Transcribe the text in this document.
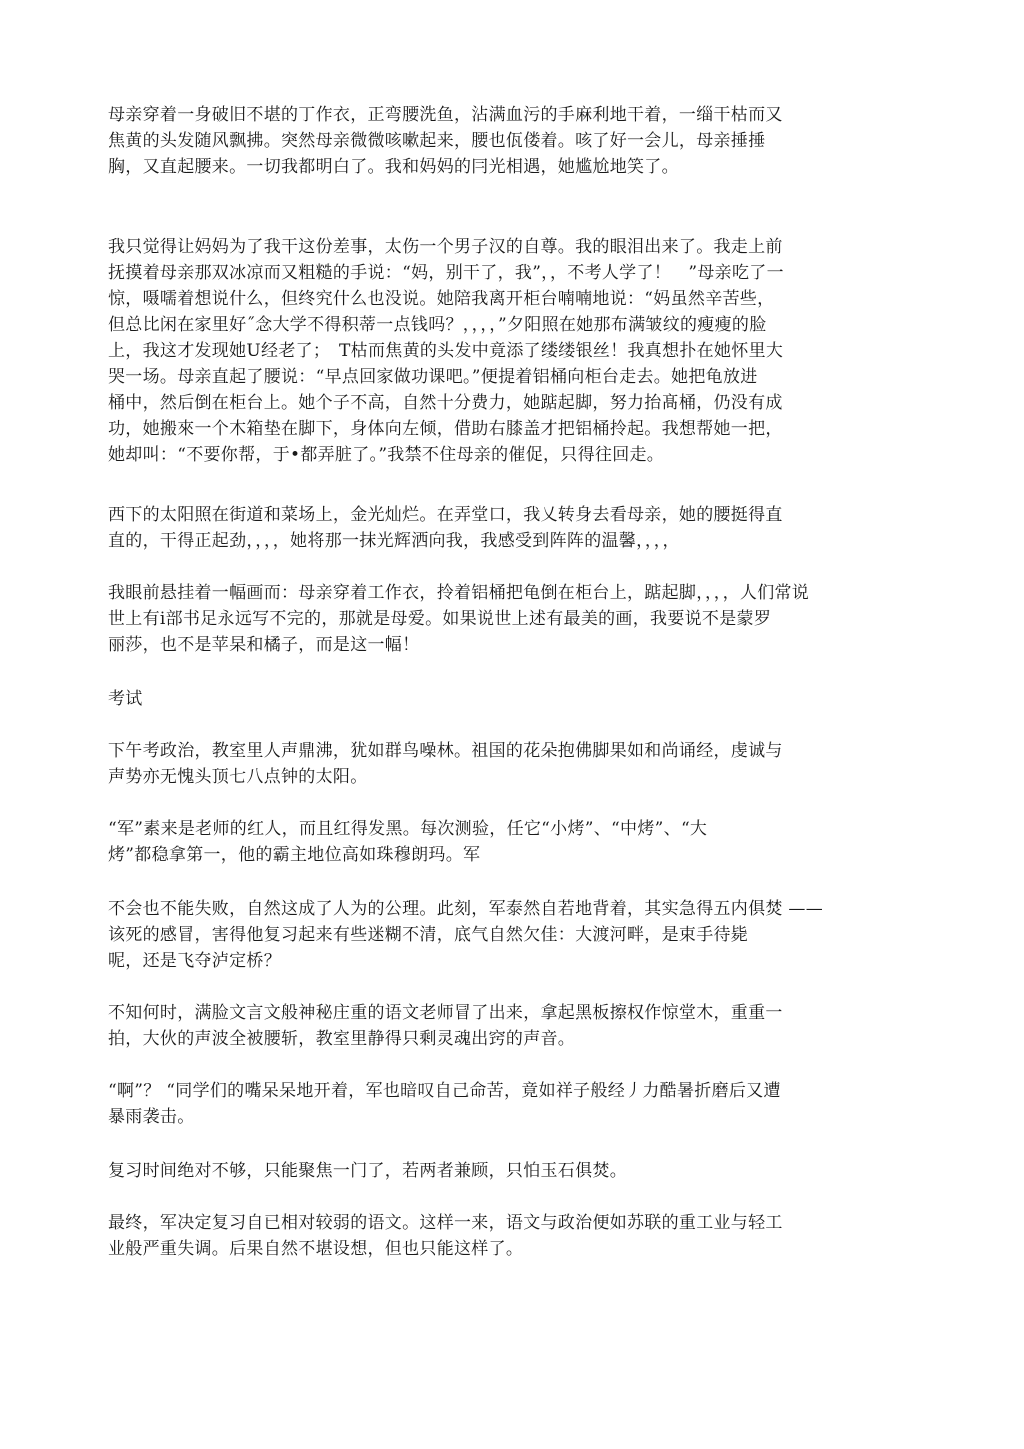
母亲穿着一身破旧不堪的丁作衣，正弯腰洗鱼，沾满血污的手麻利地干着，一缁干枯而又
焦黄的头发随风飘拂。突然母亲微微咳嗽起来，腰也佤偻着。咳了好一会儿，母亲捶捶
胸，又直起腰来。一切我都明白了。我和妈妈的冃光相遇，她尴尬地笑了。
我只觉得让妈妈为了我干这份差事，太伤一个男子汉的自尊。我的眼泪出来了。我走上前
抚摸着母亲那双冰凉而又粗糙的手说：“妈，别干了，我”，，不考人学了！　”母亲吃了一
惊，嗫嚅着想说什么，但终究什么也没说。她陪我离开柜台喃喃地说：“妈虽然辛苦些，
但总比闲在家里好˝念大学不得积蒂一点钱吗？，，，，”夕阳照在她那布满皱纹的瘦瘦的脸
上，我这才发现她U经老了；　T枯而焦黄的头发中竟添了缕缕银丝！我真想扑在她怀里大
哭一场。母亲直起了腰说：“早点回家做功课吧。”便提着铝桶向柜台走去。她把龟放进
桶中，然后倒在柜台上。她个子不高，自然十分费力，她踮起脚，努力抬髙桶，仍没有成
功，她搬來一个木箱垫在脚下，身体向左倾，借助右膝盖才把铝桶拎起。我想帮她一把，
她却叫：“不要你帮，于•都弄脏了。”我禁不住母亲的催促，只得往回走。
西下的太阳照在街道和菜场上，金光灿烂。在弄堂口，我乂转身去看母亲，她的腰挺得直
直的，干得正起劲，，，，她将那一抹光辉洒向我，我感受到阵阵的温馨，，，，
我眼前悬挂着一幅画而：母亲穿着工作衣，拎着铝桶把龟倒在柜台上，踮起脚，，，，人们常说
世上有i部书足永远写不完的，那就是母爱。如果说世上述有最美的画，我要说不是蒙罗
丽莎，也不是苹杲和橘子，而是这一幅！
考试
下午考政治，教室里人声鼎沸，犹如群鸟噪林。祖国的花朵抱佛脚果如和尚诵经，虔诚与
声势亦无愧头顶七八点钟的太阳。
“军”素来是老师的红人，而且红得发黑。每次测验，任它“小烤”、“中烤”、“大
烤”都稳拿第一，他的霸主地位高如珠穆朗玛。军
不会也不能失败，自然这成了人为的公理。此刻，军泰然自若地背着，其实急得五内俱焚 ——
该死的感冒，害得他复习起来有些迷糊不清，底气自然欠佳：大渡河畔，是束手待毙
呢，还是飞夺泸定桥？
不知何时，满脸文言文般神秘庄重的语文老师冒了出来，拿起黑板擦权作惊堂木，重重一
拍，大伙的声波全被腰斩，教室里静得只剩灵魂出窍的声音。
“啊”？ “同学们的嘴呆呆地开着，军也暗叹自己命苦，竟如祥子般经丿力酷暑折磨后又遭
暴雨袭击。
复习时间绝对不够，只能聚焦一门了，若两者兼顾，只怕玉石俱焚。
最终，军决定复习自已相对较弱的语文。这样一来，语文与政治便如苏联的重工业与轻工
业般严重失调。后果自然不堪设想，但也只能这样了。
